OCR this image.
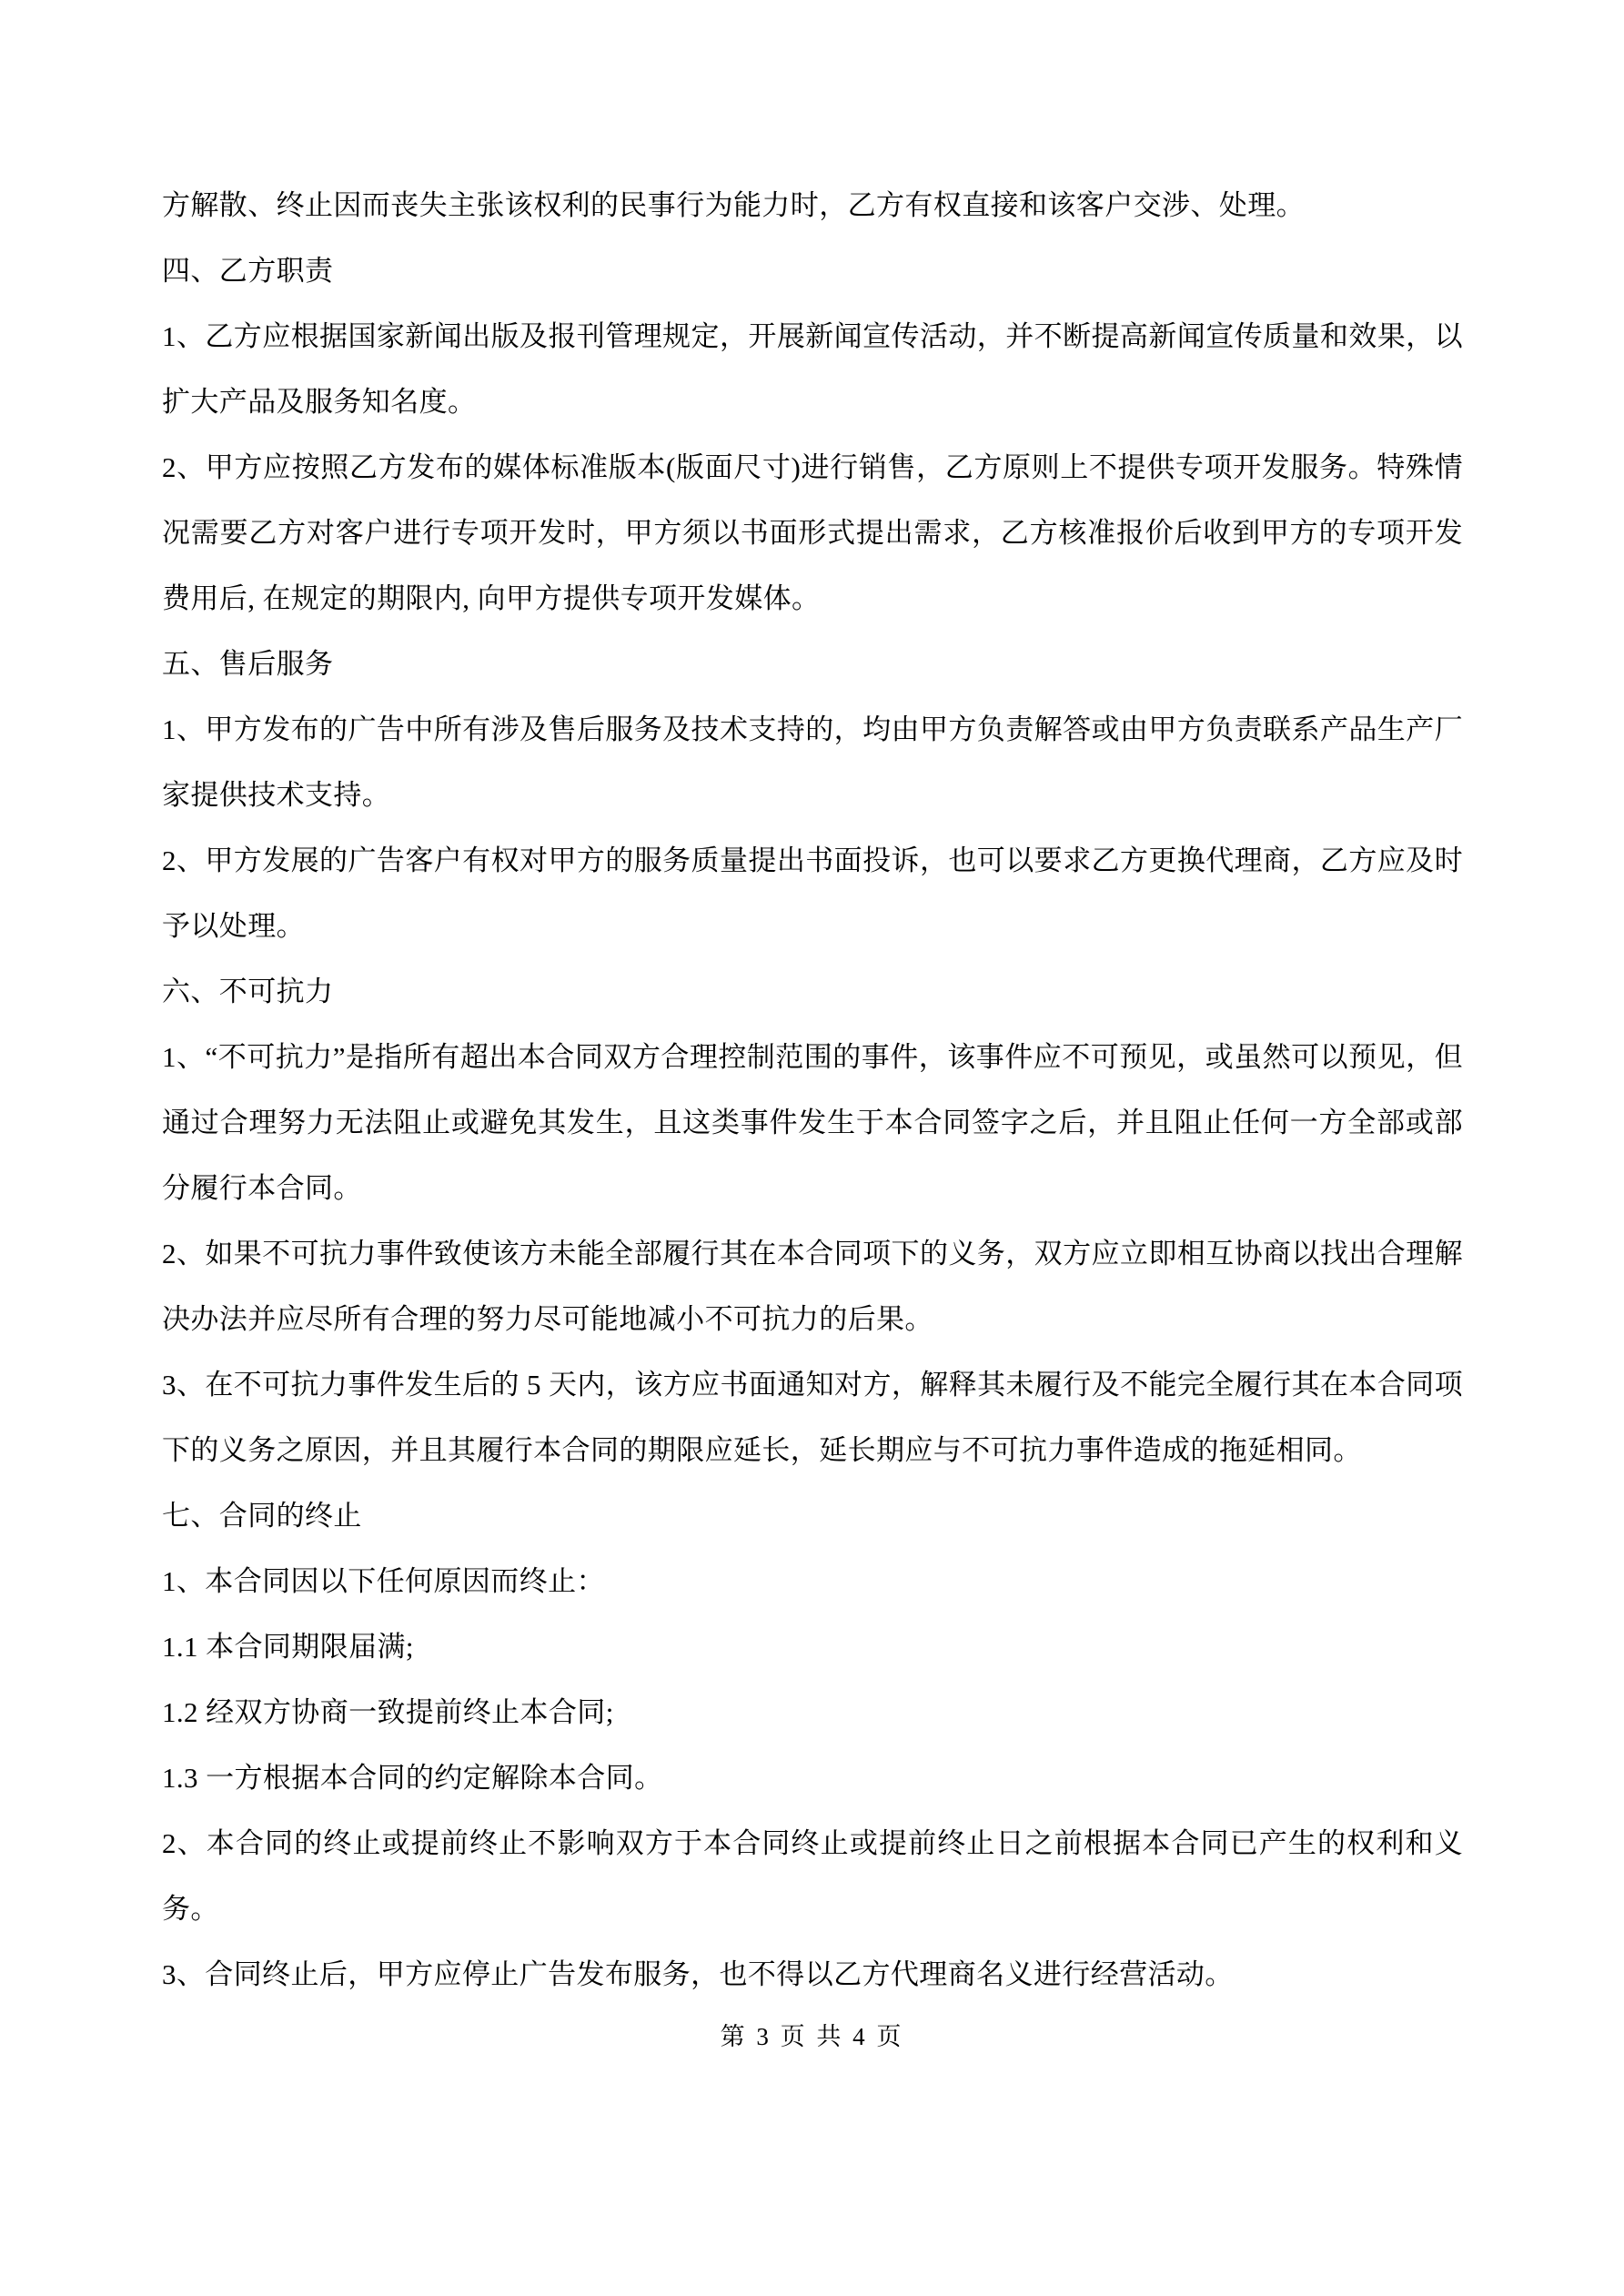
方解散、终止因而丧失主张该权利的民事行为能力时，乙方有权直接和该客户交涉、处理。

四、乙方职责

1、乙方应根据国家新闻出版及报刊管理规定，开展新闻宣传活动，并不断提高新闻宣传质量和效果，以扩大产品及服务知名度。

2、甲方应按照乙方发布的媒体标准版本(版面尺寸)进行销售，乙方原则上不提供专项开发服务。特殊情况需要乙方对客户进行专项开发时，甲方须以书面形式提出需求，乙方核准报价后收到甲方的专项开发费用后, 在规定的期限内, 向甲方提供专项开发媒体。

五、售后服务

1、甲方发布的广告中所有涉及售后服务及技术支持的，均由甲方负责解答或由甲方负责联系产品生产厂家提供技术支持。

2、甲方发展的广告客户有权对甲方的服务质量提出书面投诉，也可以要求乙方更换代理商，乙方应及时予以处理。

六、不可抗力

1、“不可抗力”是指所有超出本合同双方合理控制范围的事件，该事件应不可预见，或虽然可以预见，但通过合理努力无法阻止或避免其发生，且这类事件发生于本合同签字之后，并且阻止任何一方全部或部分履行本合同。

2、如果不可抗力事件致使该方未能全部履行其在本合同项下的义务，双方应立即相互协商以找出合理解决办法并应尽所有合理的努力尽可能地减小不可抗力的后果。

3、在不可抗力事件发生后的 5 天内，该方应书面通知对方，解释其未履行及不能完全履行其在本合同项下的义务之原因，并且其履行本合同的期限应延长，延长期应与不可抗力事件造成的拖延相同。

七、合同的终止

1、本合同因以下任何原因而终止：

1.1 本合同期限届满;

1.2 经双方协商一致提前终止本合同;

1.3 一方根据本合同的约定解除本合同。

2、本合同的终止或提前终止不影响双方于本合同终止或提前终止日之前根据本合同已产生的权利和义务。

3、合同终止后，甲方应停止广告发布服务，也不得以乙方代理商名义进行经营活动。

第 3 页 共 4 页
